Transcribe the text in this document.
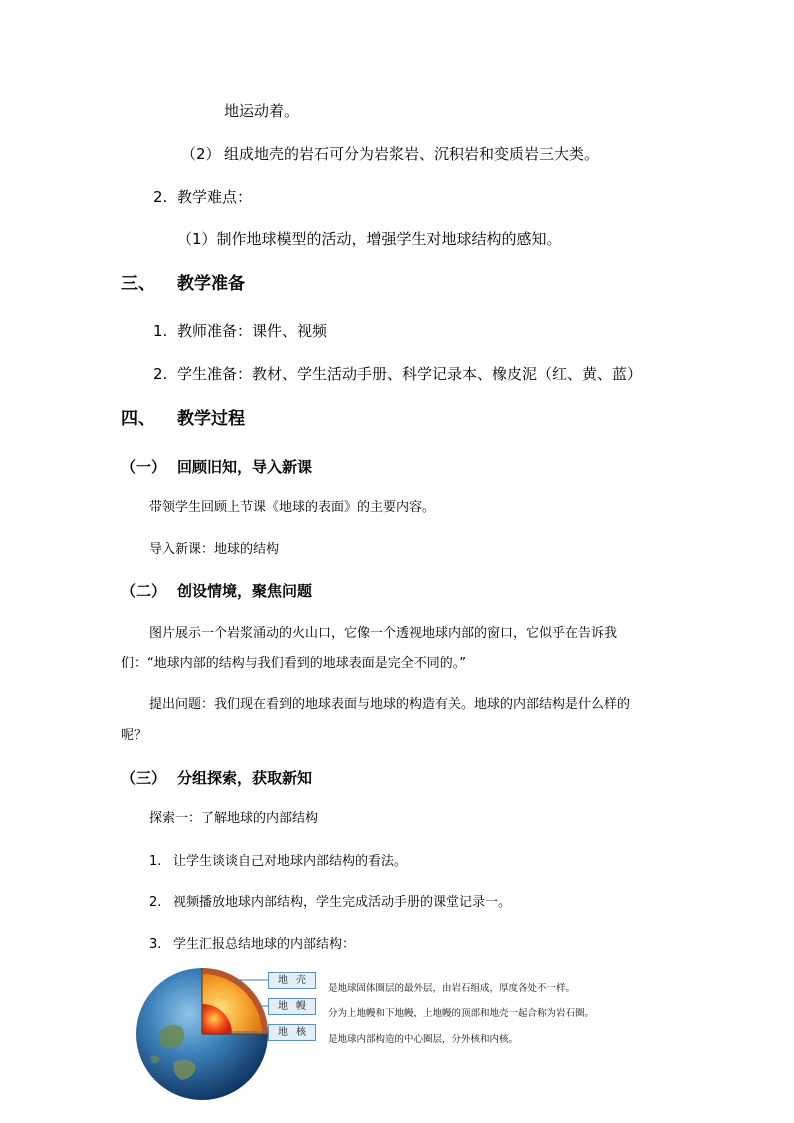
地运动着。
（2） 组成地壳的岩石可分为岩浆岩、沉积岩和变质岩三大类。
2. 教学难点：
（1）制作地球模型的活动，增强学生对地球结构的感知。
三、 教学准备
1. 教师准备：课件、视频
2. 学生准备：教材、学生活动手册、科学记录本、橡皮泥（红、黄、蓝）
四、 教学过程
（一） 回顾旧知，导入新课
带领学生回顾上节课《地球的表面》的主要内容。
导入新课：地球的结构
（二） 创设情境，聚焦问题
图片展示一个岩浆涌动的火山口，它像一个透视地球内部的窗口，它似乎在告诉我
们：“地球内部的结构与我们看到的地球表面是完全不同的。”
提出问题：我们现在看到的地球表面与地球的构造有关。地球的内部结构是什么样的
呢？
（三） 分组探索，获取新知
探索一：了解地球的内部结构
1. 让学生谈谈自己对地球内部结构的看法。
2. 视频播放地球内部结构，学生完成活动手册的课堂记录一。
3. 学生汇报总结地球的内部结构：
地壳
地幔
地核
是地球固体圈层的最外层，由岩石组成，厚度各处不一样。
分为上地幔和下地幔，上地幔的顶部和地壳一起合称为岩石圈。
是地球内部构造的中心圈层，分外核和内核。
